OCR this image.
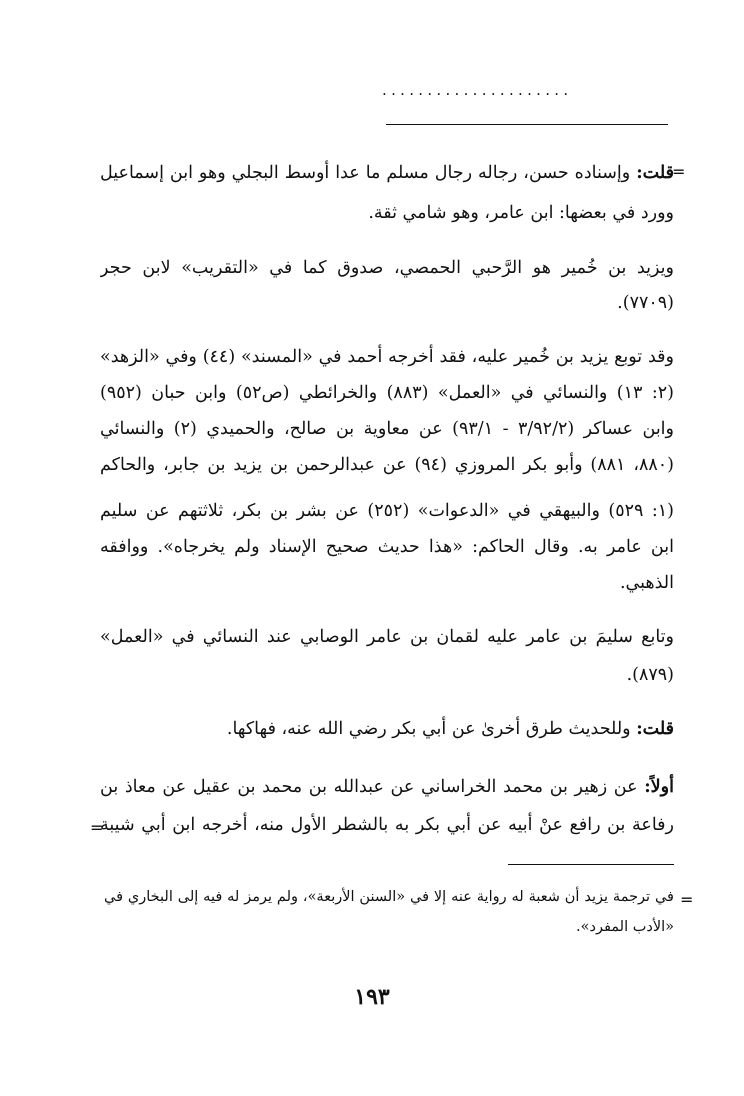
.....................
=
=
=
قلت: وإسناده حسن، رجاله رجال مسلم ما عدا أوسط البجلي وهو ابن إسماعيل
وورد في بعضها: ابن عامر، وهو شامي ثقة.
ويزيد بن خُمير هو الرَّحبي الحمصي، صدوق كما في «التقريب» لابن حجر
(٧٧٠٩).
وقد توبع يزيد بن خُمير عليه، فقد أخرجه أحمد في «المسند» (٤٤) وفي «الزهد»
(٢: ١٣) والنسائي في «العمل» (٨٨٣) والخرائطي (ص٥٢) وابن حبان (٩٥٢)
وابن عساكر (٣/٩٢/٢ - ٩٣/١) عن معاوية بن صالح، والحميدي (٢) والنسائي
(٨٨٠، ٨٨١) وأبو بكر المروزي (٩٤) عن عبدالرحمن بن يزيد بن جابر، والحاكم
(١: ٥٢٩) والبيهقي في «الدعوات» (٢٥٢) عن بشر بن بكر، ثلاثتهم عن سليم
ابن عامر به. وقال الحاكم: «هذا حديث صحيح الإسناد ولم يخرجاه». ووافقه
الذهبي.
وتابع سليمَ بن عامر عليه لقمان بن عامر الوصابي عند النسائي في «العمل»
(٨٧٩).
قلت: وللحديث طرق أخرىٰ عن أبي بكر رضي الله عنه، فهاكها.
أولاً: عن زهير بن محمد الخراساني عن عبدالله بن محمد بن عقيل عن معاذ بن
رفاعة بن رافع عنْ أبيه عن أبي بكر به بالشطر الأول منه، أخرجه ابن أبي شيبة
في ترجمة يزيد أن شعبة له رواية عنه إلا في «السنن الأربعة»، ولم يرمز له فيه إلى البخاري في
«الأدب المفرد».
١٩٣
